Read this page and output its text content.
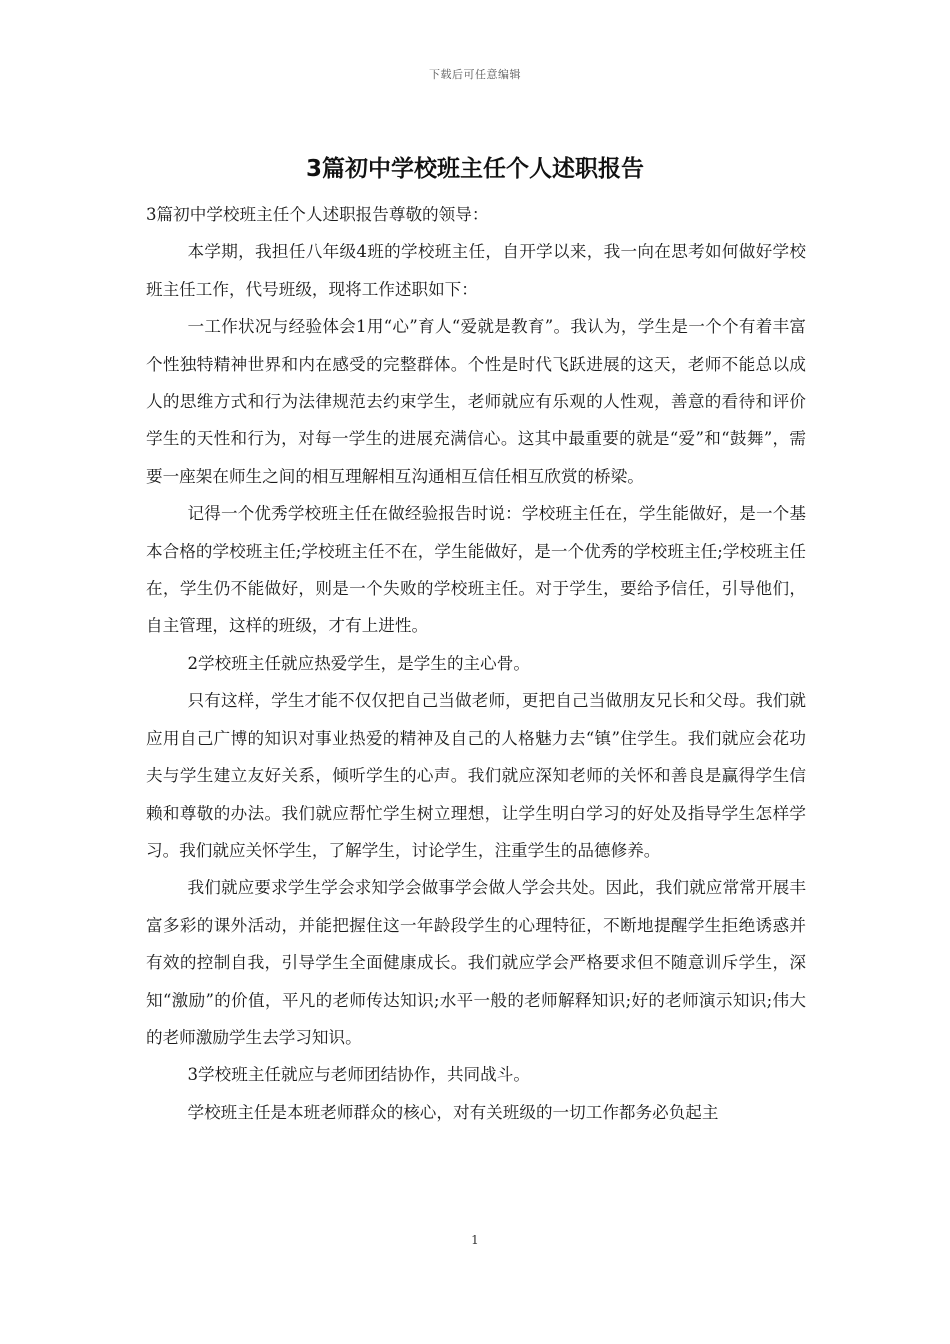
下载后可任意编辑
3篇初中学校班主任个人述职报告

3篇初中学校班主任个人述职报告尊敬的领导：

本学期，我担任八年级4班的学校班主任，自开学以来，我一向在思考如何做好学校班主任工作，代号班级，现将工作述职如下：

一工作状况与经验体会1用“心”育人“爱就是教育”。我认为，学生是一个个有着丰富个性独特精神世界和内在感受的完整群体。个性是时代飞跃进展的这天，老师不能总以成人的思维方式和行为法律规范去约束学生，老师就应有乐观的人性观，善意的看待和评价学生的天性和行为，对每一学生的进展充满信心。这其中最重要的就是“爱”和“鼓舞”，需要一座架在师生之间的相互理解相互沟通相互信任相互欣赏的桥梁。

记得一个优秀学校班主任在做经验报告时说：学校班主任在，学生能做好，是一个基本合格的学校班主任;学校班主任不在，学生能做好，是一个优秀的学校班主任;学校班主任在，学生仍不能做好，则是一个失败的学校班主任。对于学生，要给予信任，引导他们，自主管理，这样的班级，才有上进性。

2学校班主任就应热爱学生，是学生的主心骨。

只有这样，学生才能不仅仅把自己当做老师，更把自己当做朋友兄长和父母。我们就应用自己广博的知识对事业热爱的精神及自己的人格魅力去“镇”住学生。我们就应会花功夫与学生建立友好关系，倾听学生的心声。我们就应深知老师的关怀和善良是赢得学生信赖和尊敬的办法。我们就应帮忙学生树立理想，让学生明白学习的好处及指导学生怎样学习。我们就应关怀学生，了解学生，讨论学生，注重学生的品德修养。

我们就应要求学生学会求知学会做事学会做人学会共处。因此，我们就应常常开展丰富多彩的课外活动，并能把握住这一年龄段学生的心理特征，不断地提醒学生拒绝诱惑并有效的控制自我，引导学生全面健康成长。我们就应学会严格要求但不随意训斥学生，深知“激励”的价值，平凡的老师传达知识;水平一般的老师解释知识;好的老师演示知识;伟大的老师激励学生去学习知识。

3学校班主任就应与老师团结协作，共同战斗。

学校班主任是本班老师群众的核心，对有关班级的一切工作都务必负起主

1
